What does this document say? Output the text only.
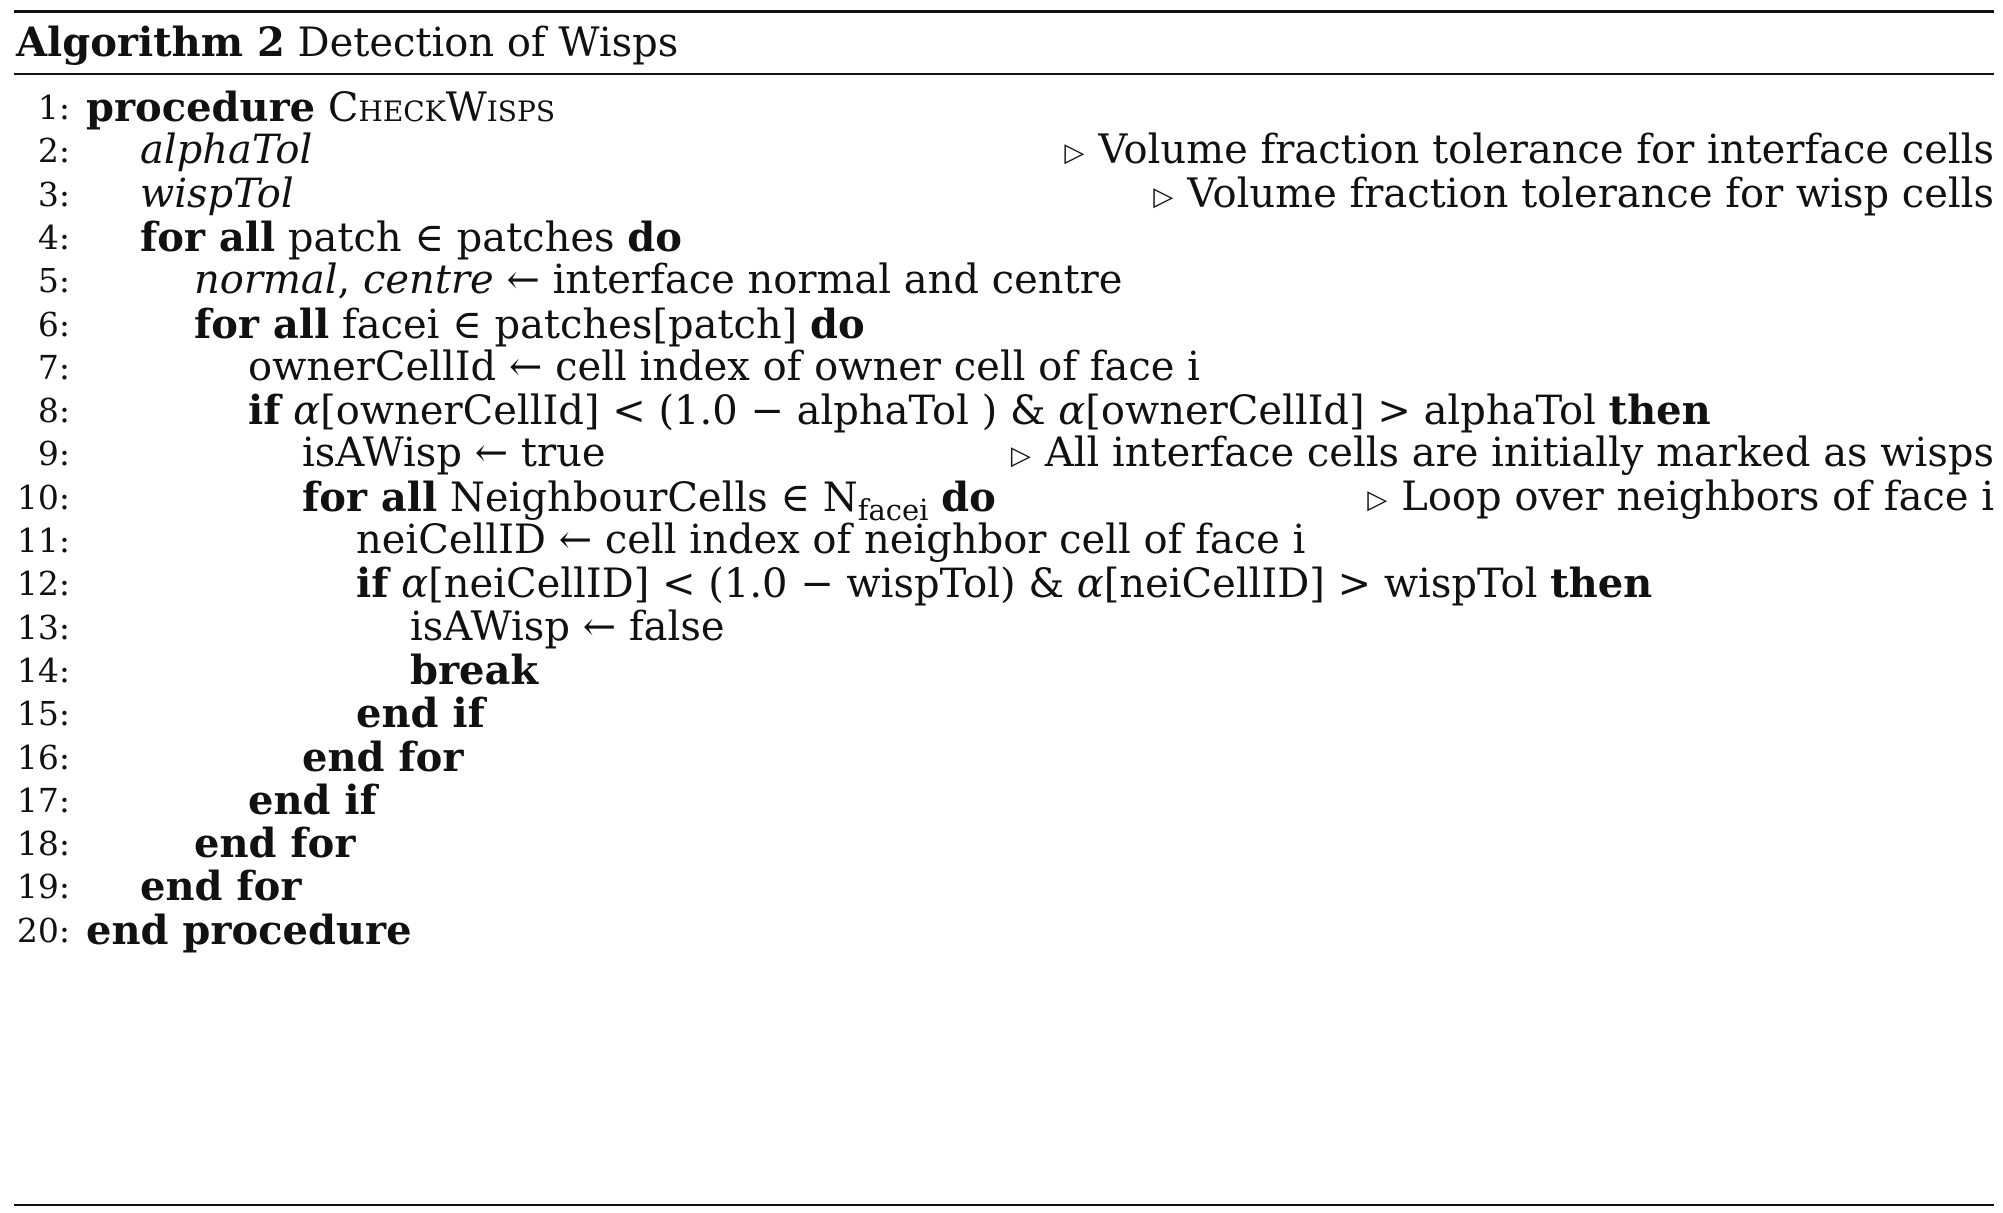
Algorithm 2 Detection of Wisps
1: procedure CheckWisps
2: alphaTol	▷ Volume fraction tolerance for interface cells
3: wispTol	▷ Volume fraction tolerance for wisp cells
4: for all patch ∈ patches do
5:	normal, centre ← interface normal and centre
6:	for all facei ∈ patches[patch] do
7:	ownerCellId ← cell index of owner cell of face i
8:	if α[ownerCellId] < (1.0 − alphaTol ) & α[ownerCellId] > alphaTol then
9:	isAWisp ← true	▷ All interface cells are initially marked as wisps
10:	for all NeighbourCells ∈ $N_{facei}$ do	▷ Loop over neighbors of face i
11:	neiCellID ← cell index of neighbor cell of face i
12:	if α[neiCellID] < (1.0 − wispTol) & α[neiCellID] > wispTol then
13:	isAWisp ← false
14:	break
15:	end if
16:	end for
17:	end if
18:	end for
19: end for
20: end procedure
